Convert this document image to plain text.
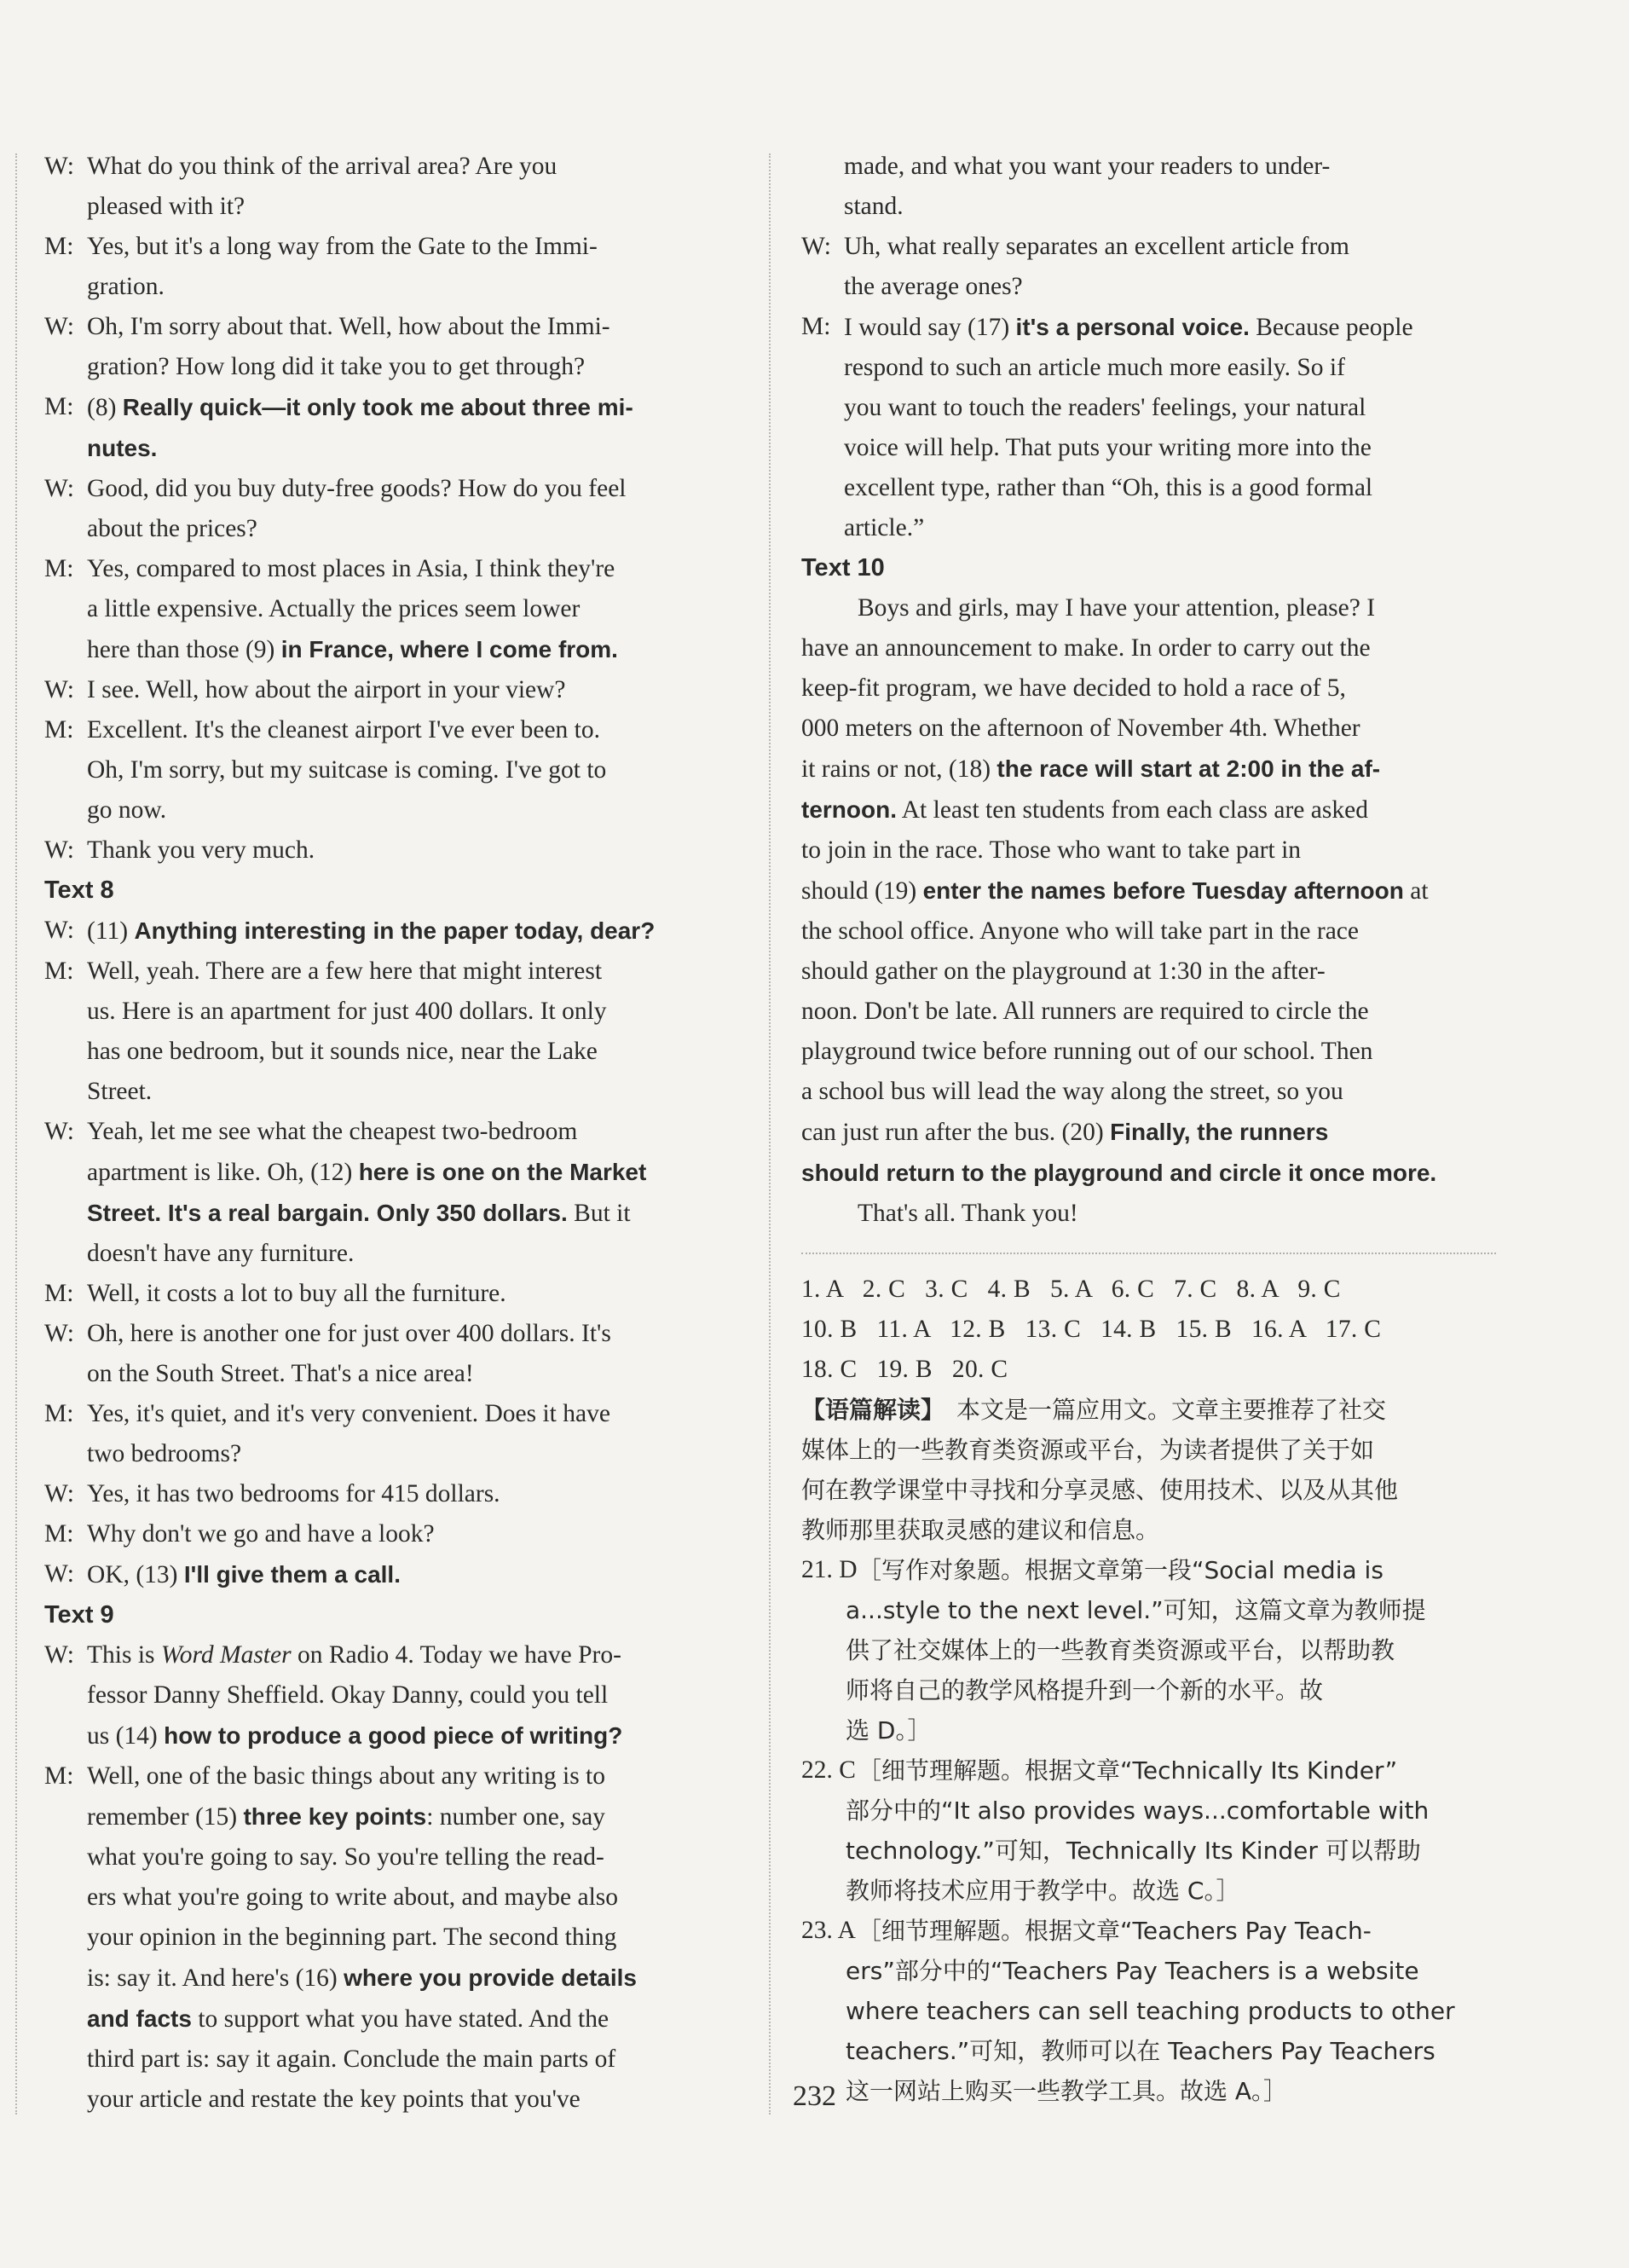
W: What do you think of the arrival area? Are you
pleased with it?
M: Yes, but it's a long way from the Gate to the Immi-
gration.
W: Oh, I'm sorry about that. Well, how about the Immi-
gration? How long did it take you to get through?
M: (8) Really quick—it only took me about three mi-
nutes.
W: Good, did you buy duty-free goods? How do you feel
about the prices?
M: Yes, compared to most places in Asia, I think they're
a little expensive. Actually the prices seem lower
here than those (9) in France, where I come from.
W: I see. Well, how about the airport in your view?
M: Excellent. It's the cleanest airport I've ever been to.
Oh, I'm sorry, but my suitcase is coming. I've got to
go now.
W: Thank you very much.
Text 8
W: (11) Anything interesting in the paper today, dear?
M: Well, yeah. There are a few here that might interest
us. Here is an apartment for just 400 dollars. It only
has one bedroom, but it sounds nice, near the Lake
Street.
W: Yeah, let me see what the cheapest two-bedroom
apartment is like. Oh, (12) here is one on the Market
Street. It's a real bargain. Only 350 dollars. But it
doesn't have any furniture.
M: Well, it costs a lot to buy all the furniture.
W: Oh, here is another one for just over 400 dollars. It's
on the South Street. That's a nice area!
M: Yes, it's quiet, and it's very convenient. Does it have
two bedrooms?
W: Yes, it has two bedrooms for 415 dollars.
M: Why don't we go and have a look?
W: OK, (13) I'll give them a call.
Text 9
W: This is Word Master on Radio 4. Today we have Pro-
fessor Danny Sheffield. Okay Danny, could you tell
us (14) how to produce a good piece of writing?
M: Well, one of the basic things about any writing is to
remember (15) three key points: number one, say
what you're going to say. So you're telling the read-
ers what you're going to write about, and maybe also
your opinion in the beginning part. The second thing
is: say it. And here's (16) where you provide details
and facts to support what you have stated. And the
third part is: say it again. Conclude the main parts of
your article and restate the key points that you've
made, and what you want your readers to under-
stand.
W: Uh, what really separates an excellent article from
the average ones?
M: I would say (17) it's a personal voice. Because people
respond to such an article much more easily. So if
you want to touch the readers' feelings, your natural
voice will help. That puts your writing more into the
excellent type, rather than “Oh, this is a good formal
article.”
Text 10
Boys and girls, may I have your attention, please? I
have an announcement to make. In order to carry out the
keep-fit program, we have decided to hold a race of 5,
000 meters on the afternoon of November 4th. Whether
it rains or not, (18) the race will start at 2:00 in the af-
ternoon. At least ten students from each class are asked
to join in the race. Those who want to take part in
should (19) enter the names before Tuesday afternoon at
the school office. Anyone who will take part in the race
should gather on the playground at 1:30 in the after-
noon. Don't be late. All runners are required to circle the
playground twice before running out of our school. Then
a school bus will lead the way along the street, so you
can just run after the bus. (20) Finally, the runners
should return to the playground and circle it once more.
That's all. Thank you!
1. A   2. C   3. C   4. B   5. A   6. C   7. C   8. A   9. C
10. B   11. A   12. B   13. C   14. B   15. B   16. A   17. C
18. C   19. B   20. C
【语篇解读】 本文是一篇应用文。文章主要推荐了社交
媒体上的一些教育类资源或平台，为读者提供了关于如
何在教学课堂中寻找和分享灵感、使用技术、以及从其他
教师那里获取灵感的建议和信息。
21. D ［写作对象题。根据文章第一段“Social media is
a...style to the next level.”可知，这篇文章为教师提
供了社交媒体上的一些教育类资源或平台，以帮助教
师将自己的教学风格提升到一个新的水平。故
选 D。］
22. C ［细节理解题。根据文章“Technically Its Kinder”
部分中的“It also provides ways...comfortable with
technology.”可知，Technically Its Kinder 可以帮助
教师将技术应用于教学中。故选 C。］
23. A ［细节理解题。根据文章“Teachers Pay Teach-
ers”部分中的“Teachers Pay Teachers is a website
where teachers can sell teaching products to other
teachers.”可知，教师可以在 Teachers Pay Teachers
这一网站上购买一些教学工具。故选 A。］
232
